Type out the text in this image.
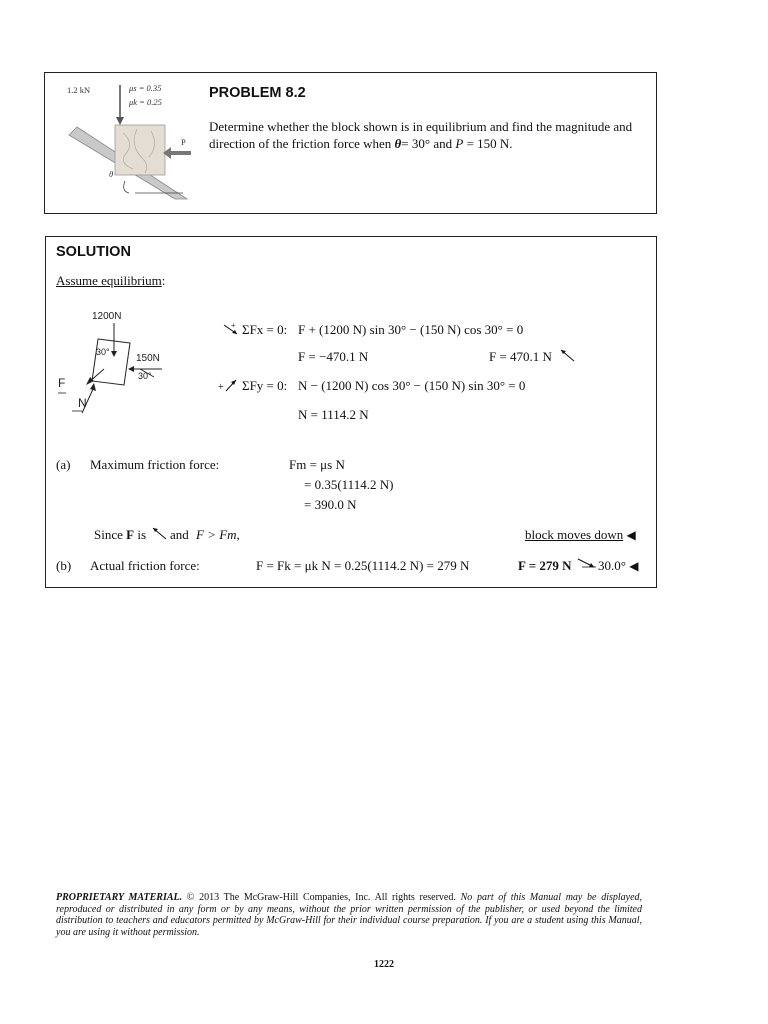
1.2 kN	μs = 0.35
μk = 0.25
P
θ
PROBLEM 8.2
Determine whether the block shown is in equilibrium and find the magnitude and direction of the friction force when θ= 30° and P = 150 N.
SOLUTION
Assume equilibrium:
1200N
30°
150N
30°
F
N
+ ΣFx = 0: F + (1200 N) sin 30° − (150 N) cos 30° = 0
F = −470.1 N	F = 470.1 N
+ ΣFy = 0: N − (1200 N) cos 30° − (150 N) sin 30° = 0
N = 1114.2 N
(a) Maximum friction force:	Fm = μs N
= 0.35(1114.2 N)
= 390.0 N
Since F is and F > Fm,	block moves down ◀
(b) Actual friction force:	F = Fk = μk N = 0.25(1114.2 N) = 279 N	F = 279 N 30.0° ◀
PROPRIETARY MATERIAL. © 2013 The McGraw-Hill Companies, Inc. All rights reserved. No part of this Manual may be displayed, reproduced or distributed in any form or by any means, without the prior written permission of the publisher, or used beyond the limited distribution to teachers and educators permitted by McGraw-Hill for their individual course preparation. If you are a student using this Manual, you are using it without permission.
1222
